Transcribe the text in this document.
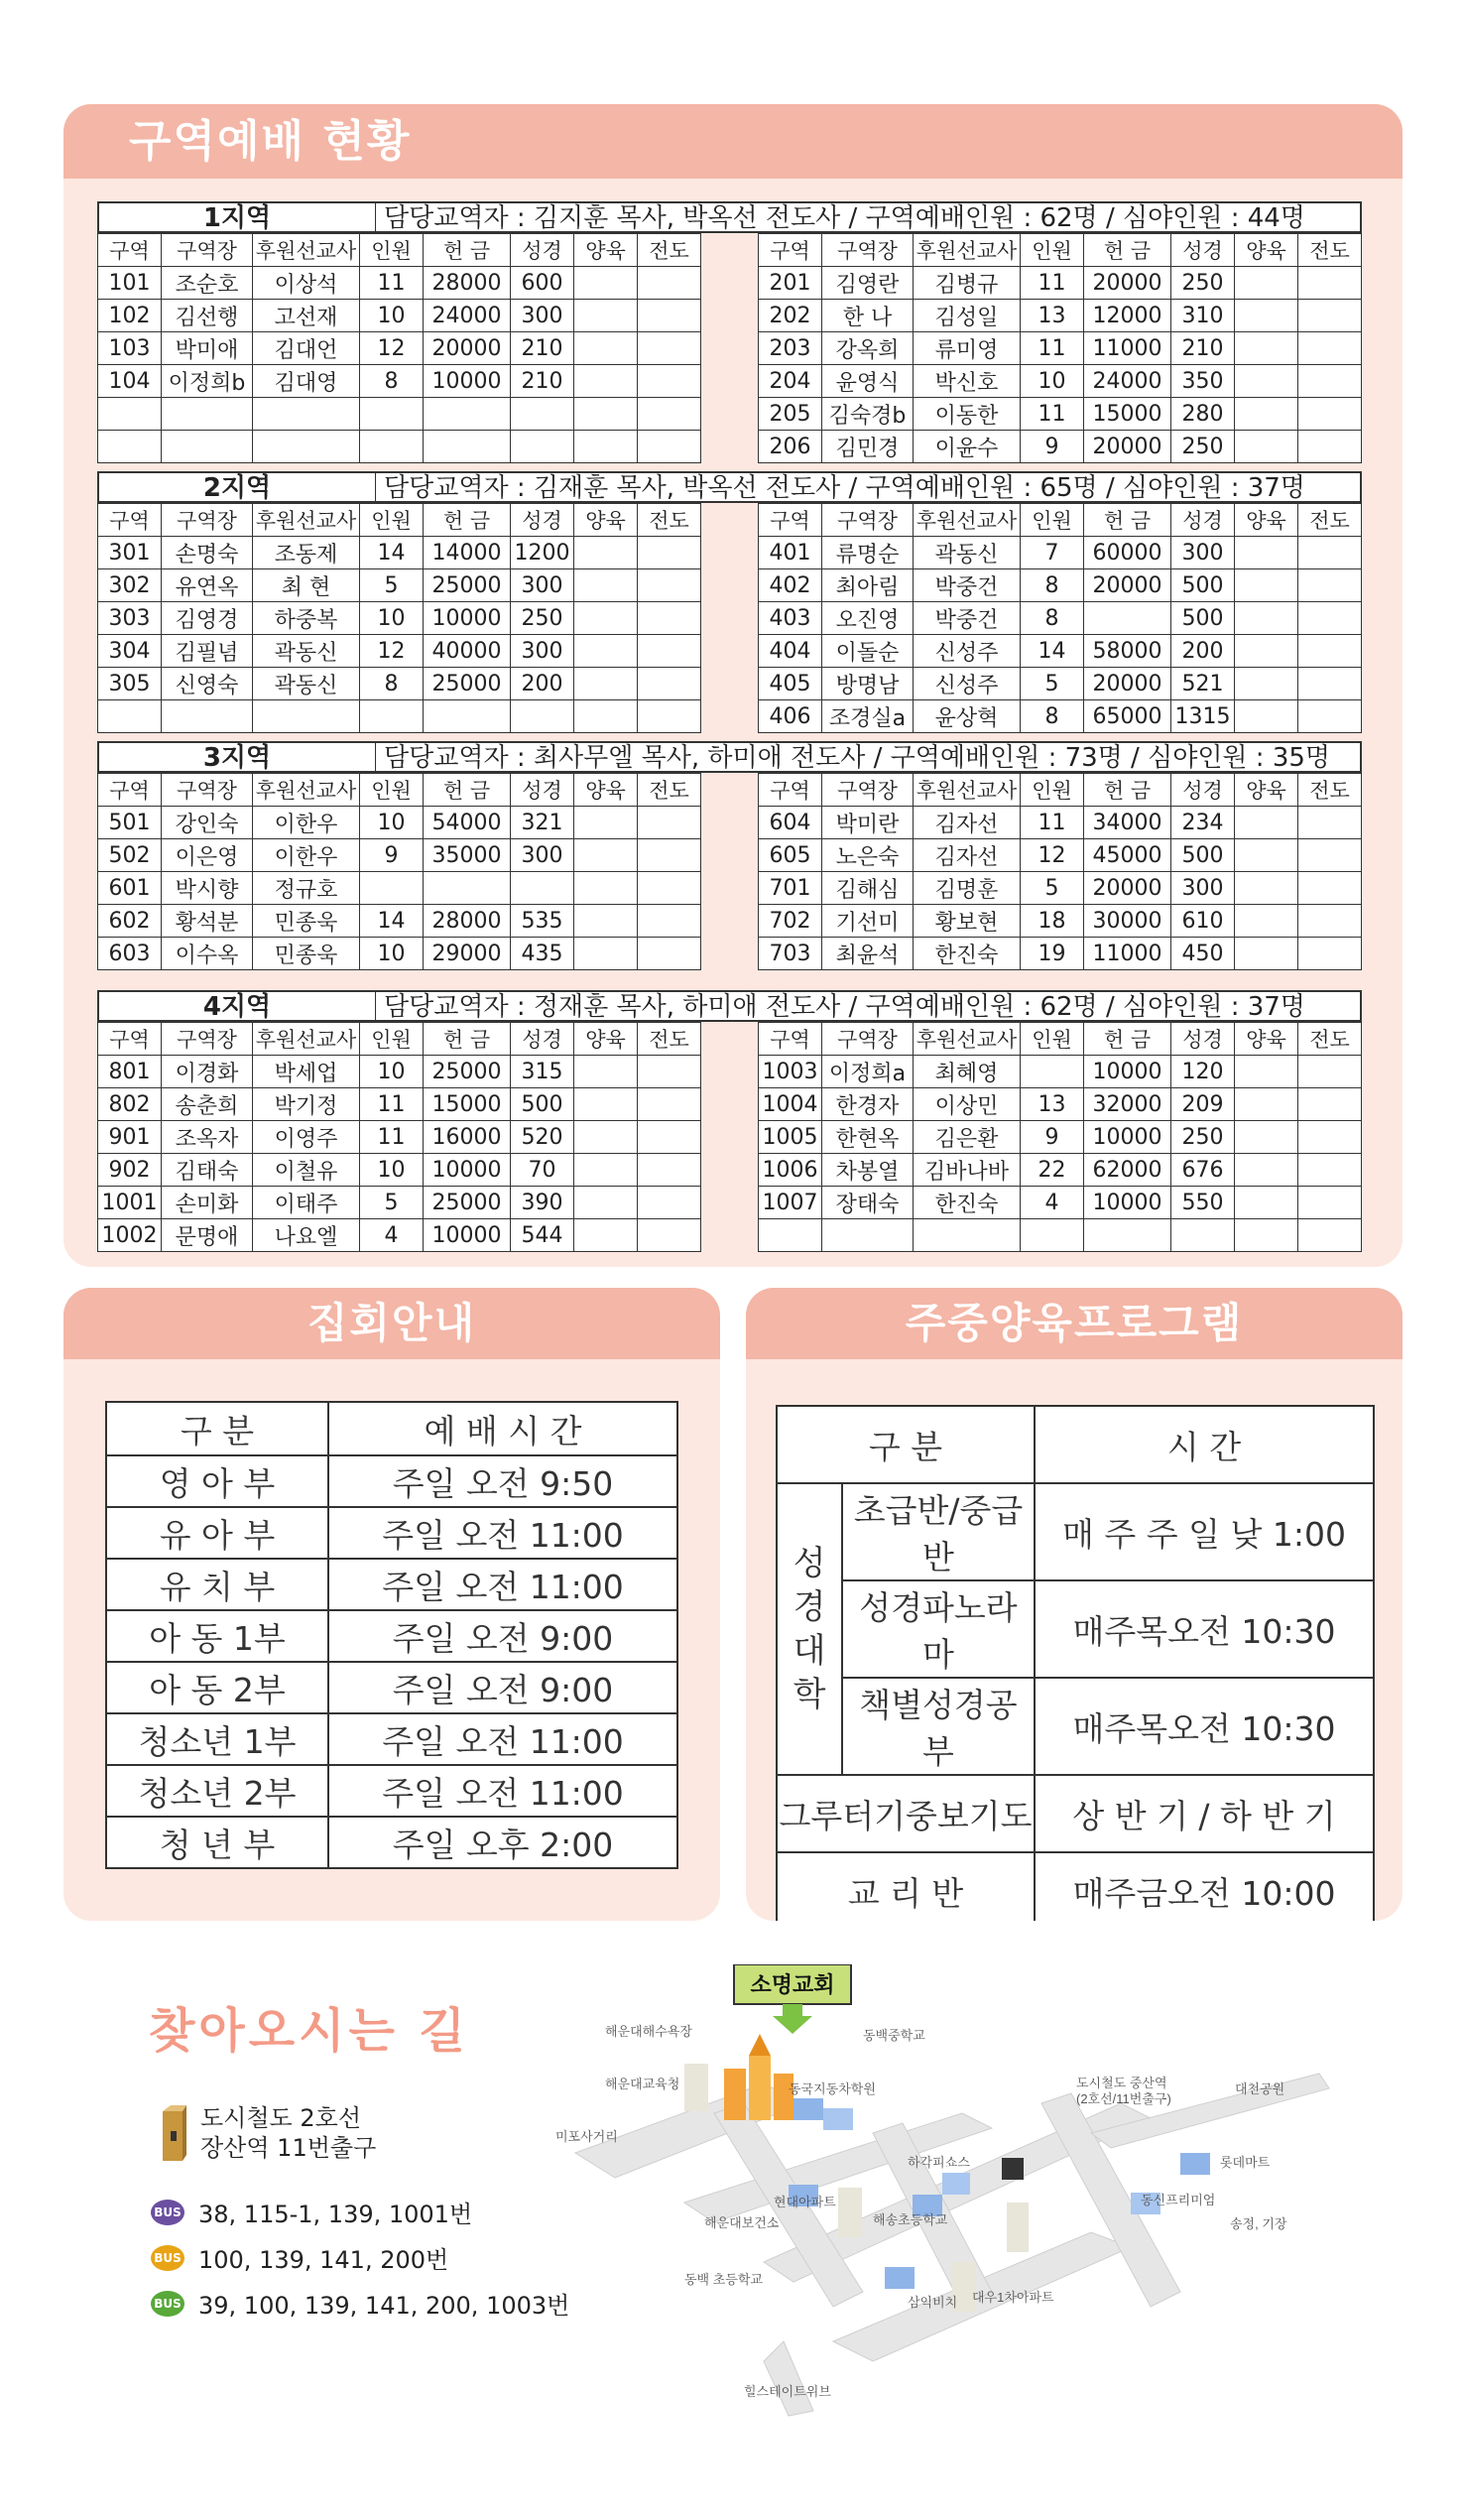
구역예배 현황
1지역	담당교역자 : 김지훈 목사, 박옥선 전도사 / 구역예배인원 : 62명 / 심야인원 : 44명
구역	구역장	후원선교사	인원	헌 금	성경	양육	전도
101	조순호	이상석	11	28000	600		
102	김선행	고선재	10	24000	300		
103	박미애	김대언	12	20000	210		
104	이정희b	김대영	8	10000	210		

구역	구역장	후원선교사	인원	헌 금	성경	양육	전도
201	김영란	김병규	11	20000	250		
202	한 나	김성일	13	12000	310		
203	강옥희	류미영	11	11000	210		
204	윤영식	박신호	10	24000	350		
205	김숙경b	이동한	11	15000	280		
206	김민경	이윤수	9	20000	250		
2지역	담당교역자 : 김재훈 목사, 박옥선 전도사 / 구역예배인원 : 65명 / 심야인원 : 37명
구역	구역장	후원선교사	인원	헌 금	성경	양육	전도
301	손명숙	조동제	14	14000	1200		
302	유연옥	최 현	5	25000	300		
303	김영경	하중복	10	10000	250		
304	김필념	곽동신	12	40000	300		
305	신영숙	곽동신	8	25000	200		

구역	구역장	후원선교사	인원	헌 금	성경	양육	전도
401	류명순	곽동신	7	60000	300		
402	최아림	박중건	8	20000	500		
403	오진영	박중건	8		500		
404	이돌순	신성주	14	58000	200		
405	방명남	신성주	5	20000	521		
406	조경실a	윤상혁	8	65000	1315		
3지역	담당교역자 : 최사무엘 목사, 하미애 전도사 / 구역예배인원 : 73명 / 심야인원 : 35명
구역	구역장	후원선교사	인원	헌 금	성경	양육	전도
501	강인숙	이한우	10	54000	321		
502	이은영	이한우	9	35000	300		
601	박시향	정규호					
602	황석분	민종욱	14	28000	535		
603	이수옥	민종욱	10	29000	435		
구역	구역장	후원선교사	인원	헌 금	성경	양육	전도
604	박미란	김자선	11	34000	234		
605	노은숙	김자선	12	45000	500		
701	김해심	김명훈	5	20000	300		
702	기선미	황보현	18	30000	610		
703	최윤석	한진숙	19	11000	450		
4지역	담당교역자 : 정재훈 목사, 하미애 전도사 / 구역예배인원 : 62명 / 심야인원 : 37명
구역	구역장	후원선교사	인원	헌 금	성경	양육	전도
801	이경화	박세업	10	25000	315		
802	송춘희	박기정	11	15000	500		
901	조옥자	이영주	11	16000	520		
902	김태숙	이철유	10	10000	70		
1001	손미화	이태주	5	25000	390		
1002	문명애	나요엘	4	10000	544		
구역	구역장	후원선교사	인원	헌 금	성경	양육	전도
1003	이정희a	최혜영		10000	120		
1004	한경자	이상민	13	32000	209		
1005	한현옥	김은환	9	10000	250		
1006	차봉열	김바나바	22	62000	676		
1007	장태숙	한진숙	4	10000	550		

집회안내
구 분	예 배 시 간
영 아 부	주일 오전 9:50
유 아 부	주일 오전 11:00
유 치 부	주일 오전 11:00
아 동 1부	주일 오전 9:00
아 동 2부	주일 오전 9:00
청소년 1부	주일 오전 11:00
청소년 2부	주일 오전 11:00
청 년 부	주일 오후 2:00
주중양육프로그램
구 분		시 간

성
경
대
학	초급반/중급반	매 주 주 일 낮 1:00
	성경파노라마	매주목오전 10:30
	책별성경공부	매주목오전 10:30
그루터기중보기도		상 반 기 / 하 반 기
교 리 반		매주금오전 10:00
찾아오시는 길
도시철도 2호선
장산역 11번출구
BUS 38, 115-1, 139, 1001번
BUS 100, 139, 141, 200번
BUS 39, 100, 139, 141, 200, 1003번
소명교회
해운대해수욕장	동백중학교
해운대교육청	도시철도 중산역
(2호선/11번출구)
대천공원
미포사거리
동국지동차학원
현대아파트
하각피쇼스	롯데마트
해운대보건소	해송초등학교
동신프리미엄
송정, 기장
동백 초등학교
대우1차아파트
삼익비치
힐스테이트위브
